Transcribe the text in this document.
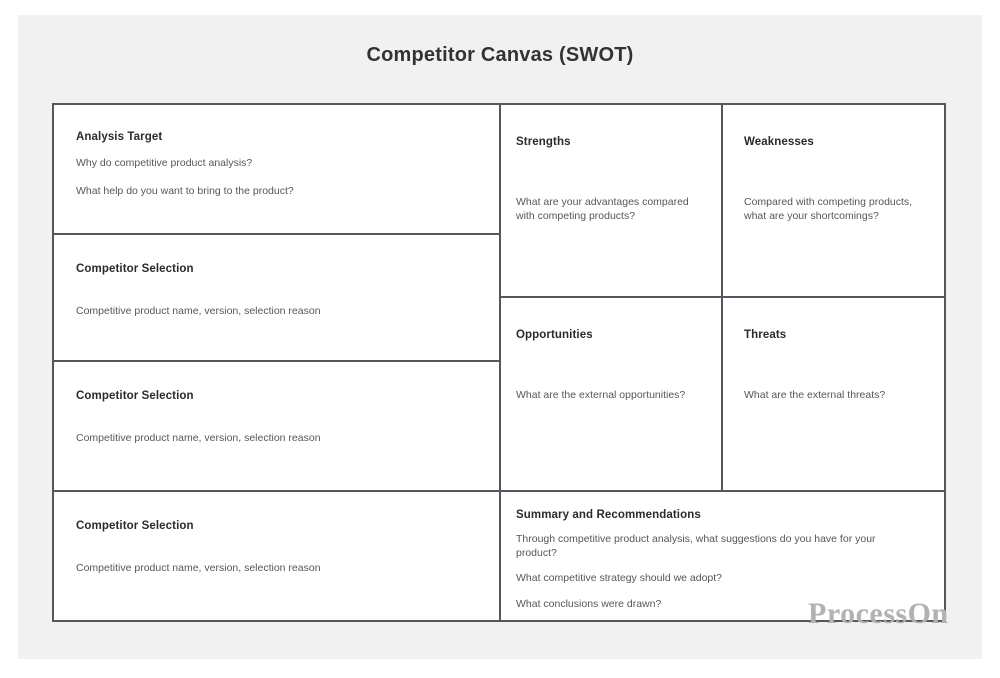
Competitor Canvas (SWOT)
Analysis Target

Why do competitive product analysis?

What help do you want to bring to the product?

Competitor Selection

Competitive product name, version, selection reason

Competitor Selection

Competitive product name, version, selection reason

Competitor Selection

Competitive product name, version, selection reason

Strengths

What are your advantages compared with competing products?

Weaknesses

Compared with competing products, what are your shortcomings?

Opportunities

What are the external opportunities?

Threats

What are the external threats?

Summary and Recommendations

Through competitive product analysis, what suggestions do you have for your product?

What competitive strategy should we adopt?

What conclusions were drawn?	ProcessOn
